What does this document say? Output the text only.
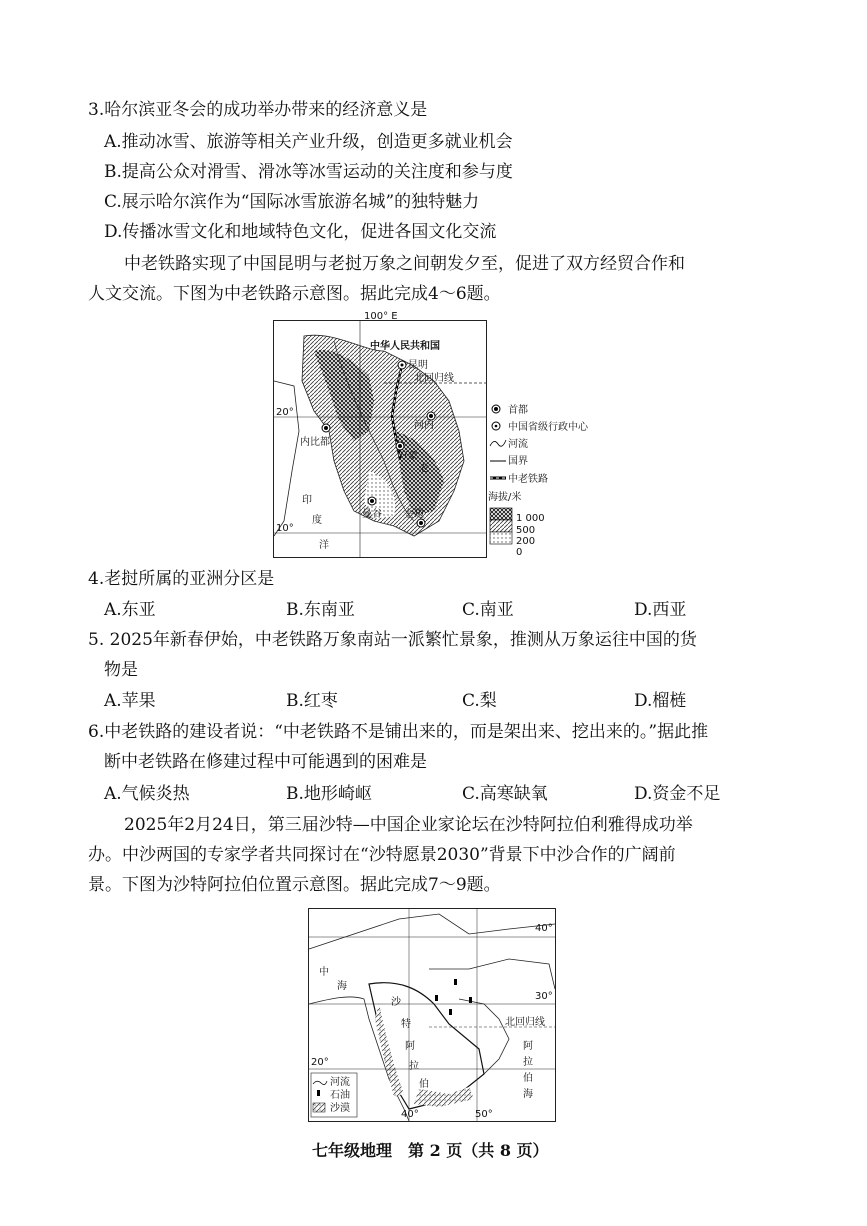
3.哈尔滨亚冬会的成功举办带来的经济意义是
A.推动冰雪、旅游等相关产业升级，创造更多就业机会
B.提高公众对滑雪、滑冰等冰雪运动的关注度和参与度
C.展示哈尔滨作为“国际冰雪旅游名城”的独特魅力
D.传播冰雪文化和地域特色文化，促进各国文化交流
中老铁路实现了中国昆明与老挝万象之间朝发夕至，促进了双方经贸合作和
人文交流。下图为中老铁路示意图。据此完成4～6题。
100° E
中华人民共和国
昆明
北回归线
20°
河内
内比都
万象
老
曼谷 金边
印
度
洋
10°
首都
中国省级行政中心
河流
国界
中老铁路
海拔/米
1 000
500
200
0
4.老挝所属的亚洲分区是
A.东亚	B.东南亚	C.南亚	D.西亚
5. 2025年新春伊始，中老铁路万象南站一派繁忙景象，推测从万象运往中国的货
物是
A.苹果	B.红枣	C.梨	D.榴梿
6.中老铁路的建设者说：“中老铁路不是铺出来的，而是架出来、挖出来的。”据此推
断中老铁路在修建过程中可能遇到的困难是
A.气候炎热	B.地形崎岖	C.高寒缺氧	D.资金不足
2025年2月24日，第三届沙特—中国企业家论坛在沙特阿拉伯利雅得成功举
办。中沙两国的专家学者共同探讨在“沙特愿景2030”背景下中沙合作的广阔前
景。下图为沙特阿拉伯位置示意图。据此完成7～9题。
40°
30°
20°
40°	50°
中
海
沙
特
阿
拉
伯
北回归线
阿
拉
伯
海
河流
石油
沙漠
七年级地理　第 2 页（共 8 页）
